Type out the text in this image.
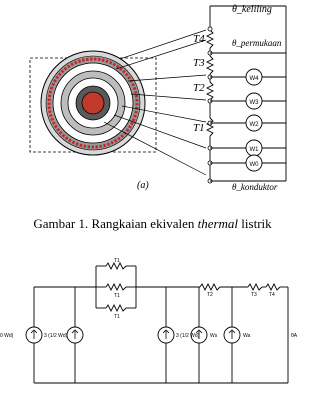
W4
W3
W2
W1
W0
θ_keliling
θ_permukaan
θ_konduktor
T4
T3
T2
T1
(a)
T1
T1
T1
T2	T3 T4
0 Wd)	3 (1/2 Wd)	3 (1/2 Wd) Ws	Wa	θA
Gambar 1. Rangkaian ekivalen thermal listrik
